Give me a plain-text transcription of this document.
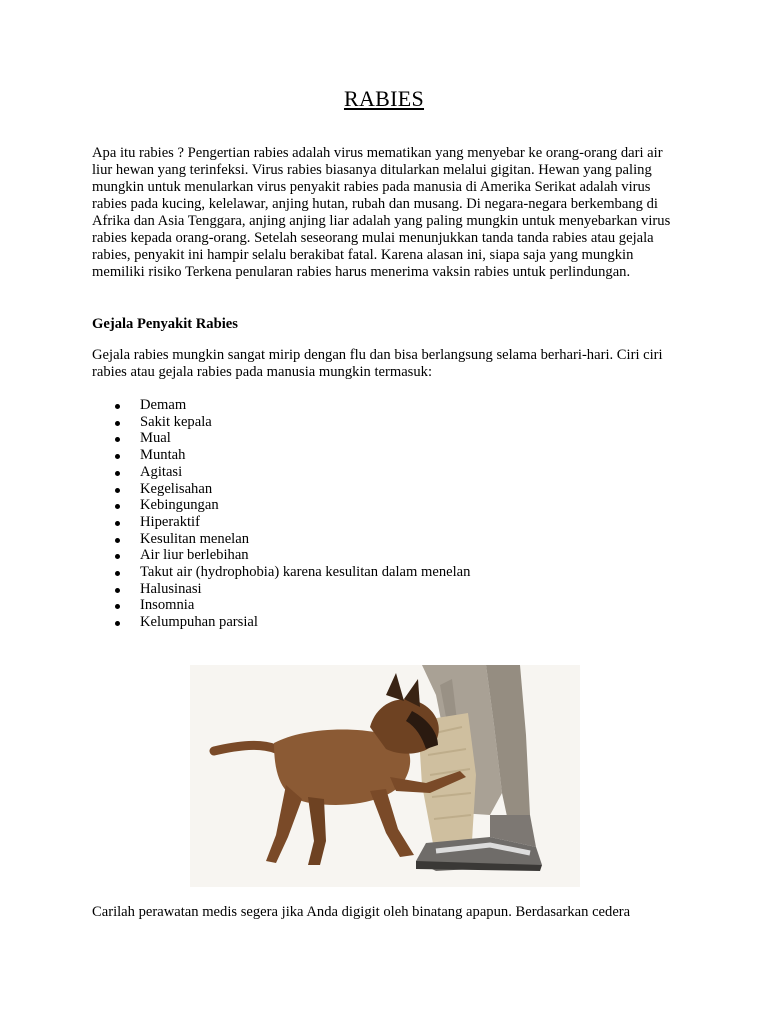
RABIES

Apa itu rabies ? Pengertian rabies adalah virus mematikan yang menyebar ke orang-orang dari air liur hewan yang terinfeksi. Virus rabies biasanya ditularkan melalui gigitan. Hewan yang paling mungkin untuk menularkan virus penyakit rabies pada manusia di Amerika Serikat adalah virus rabies pada kucing, kelelawar, anjing hutan, rubah dan musang. Di negara-negara berkembang di Afrika dan Asia Tenggara, anjing anjing liar adalah yang paling mungkin untuk menyebarkan virus rabies kepada orang-orang. Setelah seseorang mulai menunjukkan tanda tanda rabies atau gejala rabies, penyakit ini hampir selalu berakibat fatal. Karena alasan ini, siapa saja yang mungkin memiliki risiko Terkena penularan rabies harus menerima vaksin rabies untuk perlindungan.

Gejala Penyakit Rabies

Gejala rabies mungkin sangat mirip dengan flu dan bisa berlangsung selama berhari-hari. Ciri ciri rabies atau gejala rabies pada manusia mungkin termasuk:

Demam
Sakit kepala
Mual
Muntah
Agitasi
Kegelisahan
Kebingungan
Hiperaktif
Kesulitan menelan
Air liur berlebihan
Takut air (hydrophobia) karena kesulitan dalam menelan
Halusinasi
Insomnia
Kelumpuhan parsial

Carilah perawatan medis segera jika Anda digigit oleh binatang apapun. Berdasarkan cedera
